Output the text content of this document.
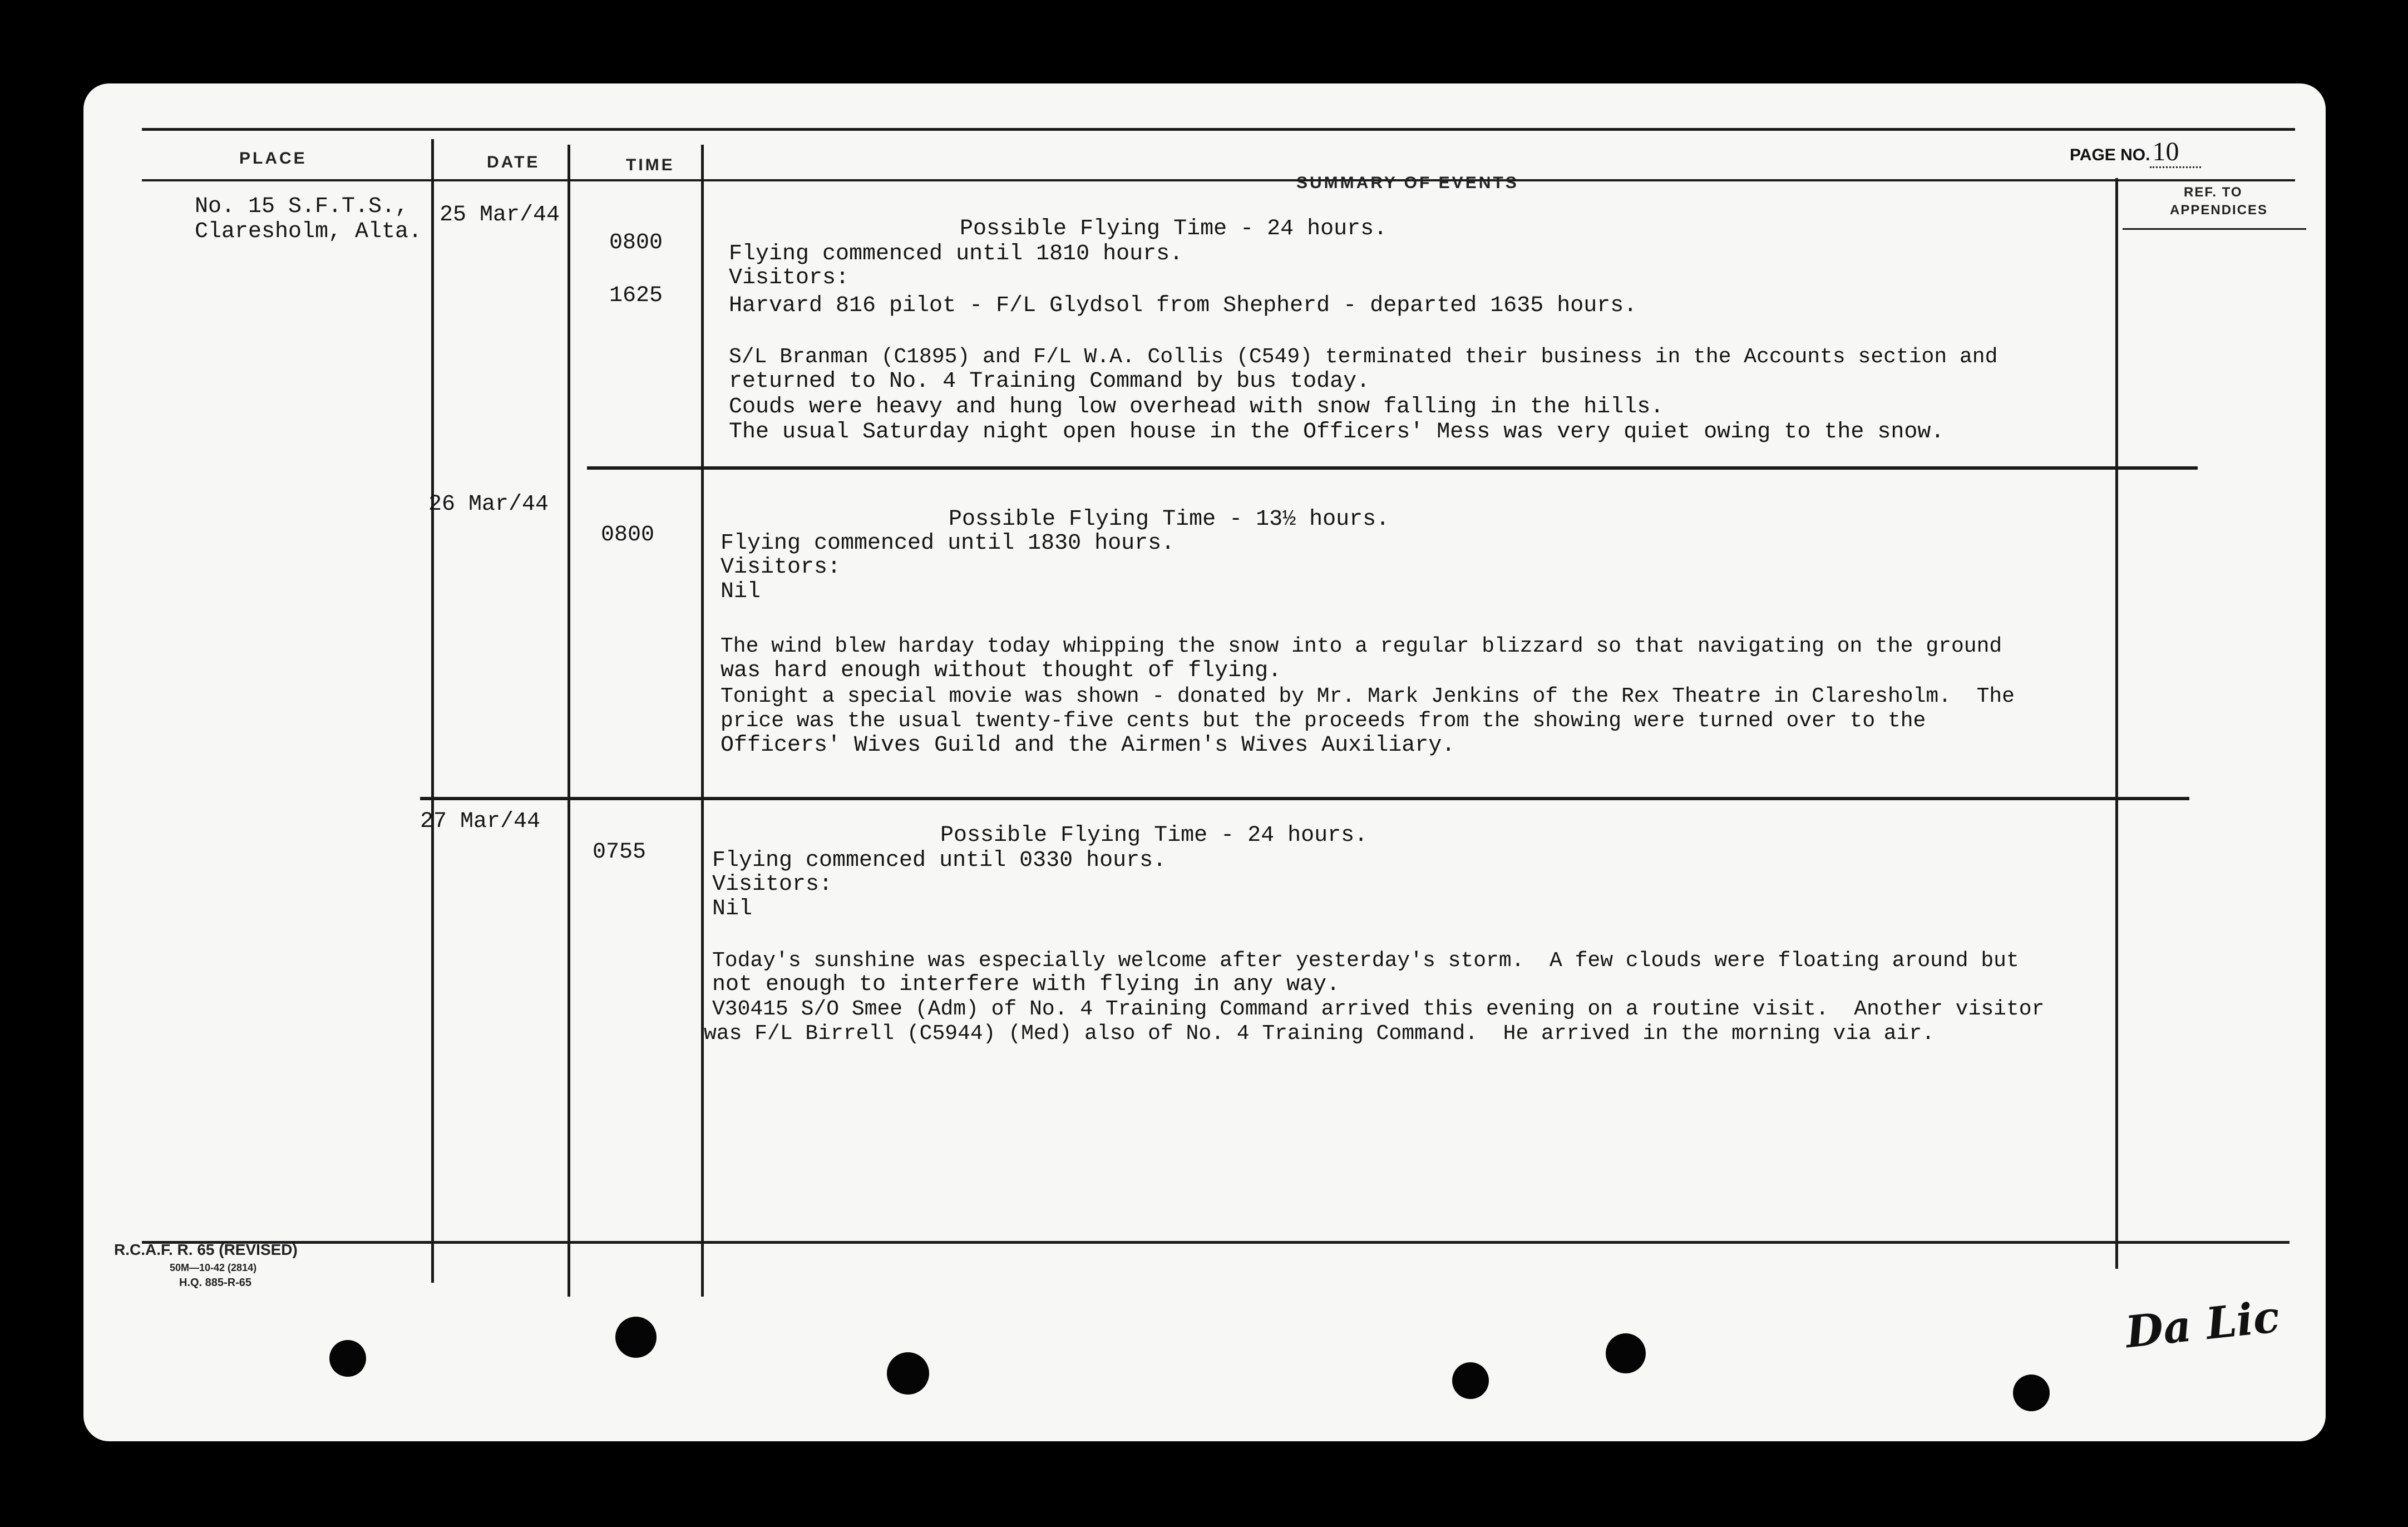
PLACE	DATE	TIME
SUMMARY OF EVENTS
PAGE NO.10
REF. TO
APPENDICES
No. 15 S.F.T.S.,
Claresholm, Alta.
25 Mar/44
0800
1625
Possible Flying Time - 24 hours.
Flying commenced until 1810 hours.
Visitors:
Harvard 816 pilot - F/L Glydsol from Shepherd - departed 1635 hours.
S/L Branman (C1895) and F/L W.A. Collis (C549) terminated their business in the Accounts section and
returned to No. 4 Training Command by bus today.
Couds were heavy and hung low overhead with snow falling in the hills.
The usual Saturday night open house in the Officers' Mess was very quiet owing to the snow.
26 Mar/44
0800
Possible Flying Time - 13½ hours.
Flying commenced until 1830 hours.
Visitors:
Nil
The wind blew harday today whipping the snow into a regular blizzard so that navigating on the ground
was hard enough without thought of flying.
Tonight a special movie was shown - donated by Mr. Mark Jenkins of the Rex Theatre in Claresholm.  The
price was the usual twenty-five cents but the proceeds from the showing were turned over to the
Officers' Wives Guild and the Airmen's Wives Auxiliary.
27 Mar/44
0755
Possible Flying Time - 24 hours.
Flying commenced until 0330 hours.
Visitors:
Nil
Today's sunshine was especially welcome after yesterday's storm.  A few clouds were floating around but
not enough to interfere with flying in any way.
V30415 S/O Smee (Adm) of No. 4 Training Command arrived this evening on a routine visit.  Another visitor
was F/L Birrell (C5944) (Med) also of No. 4 Training Command.  He arrived in the morning via air.
R.C.A.F. R. 65 (REVISED)
50M—10-42 (2814)
H.Q. 885-R-65
Da Lic
